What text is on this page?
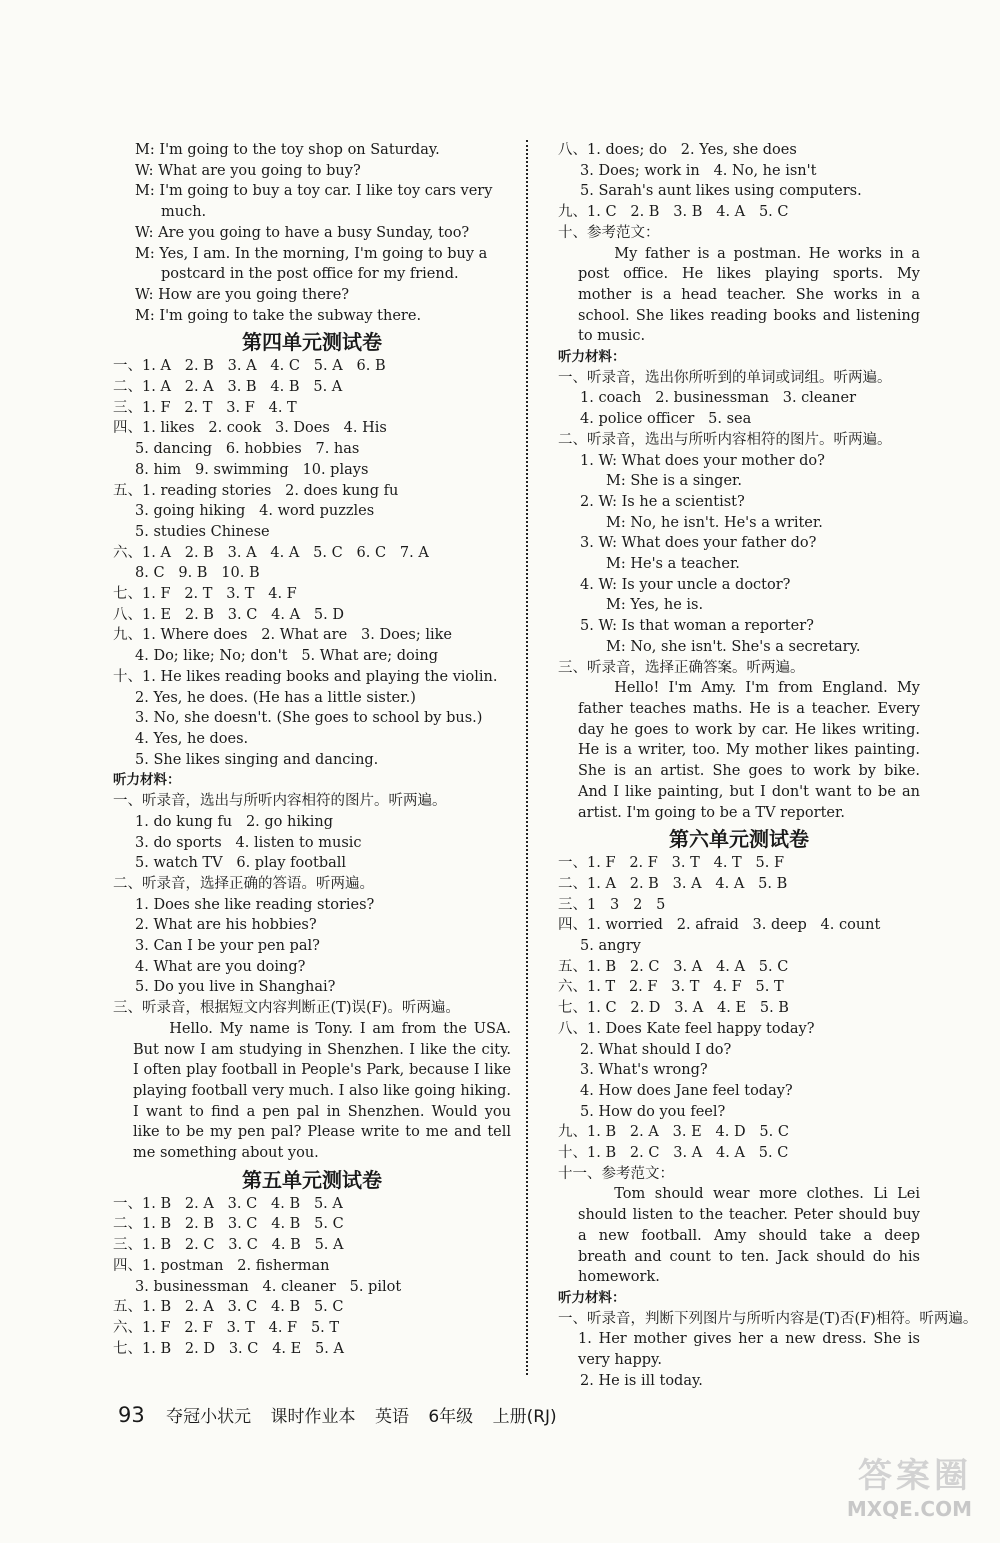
M: I'm going to the toy shop on Saturday.
W: What are you going to buy?
M: I'm going to buy a toy car. I like toy cars very
much.
W: Are you going to have a busy Sunday, too?
M: Yes, I am. In the morning, I'm going to buy a
postcard in the post office for my friend.
W: How are you going there?
M: I'm going to take the subway there.
第四单元测试卷
一、1. A   2. B   3. A   4. C   5. A   6. B
二、1. A   2. A   3. B   4. B   5. A
三、1. F   2. T   3. F   4. T
四、1. likes   2. cook   3. Does   4. His
5. dancing   6. hobbies   7. has
8. him   9. swimming   10. plays
五、1. reading stories   2. does kung fu
3. going hiking   4. word puzzles
5. studies Chinese
六、1. A   2. B   3. A   4. A   5. C   6. C   7. A
8. C   9. B   10. B
七、1. F   2. T   3. T   4. F
八、1. E   2. B   3. C   4. A   5. D
九、1. Where does   2. What are   3. Does; like
4. Do; like; No; don't   5. What are; doing
十、1. He likes reading books and playing the violin.
2. Yes, he does. (He has a little sister.)
3. No, she doesn't. (She goes to school by bus.)
4. Yes, he does.
5. She likes singing and dancing.
听力材料：
一、听录音，选出与所听内容相符的图片。听两遍。
1. do kung fu   2. go hiking
3. do sports   4. listen to music
5. watch TV   6. play football
二、听录音，选择正确的答语。听两遍。
1. Does she like reading stories?
2. What are his hobbies?
3. Can I be your pen pal?
4. What are you doing?
5. Do you live in Shanghai?
三、听录音，根据短文内容判断正(T)误(F)。听两遍。
Hello. My name is Tony. I am from the USA. But now I am studying in Shenzhen. I like the city. I often play football in People's Park, because I like playing football very much. I also like going hiking. I want to find a pen pal in Shenzhen. Would you like to be my pen pal? Please write to me and tell me something about you.
第五单元测试卷
一、1. B   2. A   3. C   4. B   5. A
二、1. B   2. B   3. C   4. B   5. C
三、1. B   2. C   3. C   4. B   5. A
四、1. postman   2. fisherman
3. businessman   4. cleaner   5. pilot
五、1. B   2. A   3. C   4. B   5. C
六、1. F   2. F   3. T   4. F   5. T
七、1. B   2. D   3. C   4. E   5. A
八、1. does; do   2. Yes, she does
3. Does; work in   4. No, he isn't
5. Sarah's aunt likes using computers.
九、1. C   2. B   3. B   4. A   5. C
十、参考范文：
My father is a postman. He works in a post office. He likes playing sports. My mother is a head teacher. She works in a school. She likes reading books and listening to music.
听力材料：
一、听录音，选出你所听到的单词或词组。听两遍。
1. coach   2. businessman   3. cleaner
4. police officer   5. sea
二、听录音，选出与所听内容相符的图片。听两遍。
1. W: What does your mother do?
M: She is a singer.
2. W: Is he a scientist?
M: No, he isn't. He's a writer.
3. W: What does your father do?
M: He's a teacher.
4. W: Is your uncle a doctor?
M: Yes, he is.
5. W: Is that woman a reporter?
M: No, she isn't. She's a secretary.
三、听录音，选择正确答案。听两遍。
Hello! I'm Amy. I'm from England. My father teaches maths. He is a teacher. Every day he goes to work by car. He likes writing. He is a writer, too. My mother likes painting. She is an artist. She goes to work by bike. And I like painting, but I don't want to be an artist. I'm going to be a TV reporter.
第六单元测试卷
一、1. F   2. F   3. T   4. T   5. F
二、1. A   2. B   3. A   4. A   5. B
三、1   3   2   5
四、1. worried   2. afraid   3. deep   4. count
5. angry
五、1. B   2. C   3. A   4. A   5. C
六、1. T   2. F   3. T   4. F   5. T
七、1. C   2. D   3. A   4. E   5. B
八、1. Does Kate feel happy today?
2. What should I do?
3. What's wrong?
4. How does Jane feel today?
5. How do you feel?
九、1. B   2. A   3. E   4. D   5. C
十、1. B   2. C   3. A   4. A   5. C
十一、参考范文：
Tom should wear more clothes. Li Lei should listen to the teacher. Peter should buy a new football. Amy should take a deep breath and count to ten. Jack should do his homework.
听力材料：
一、听录音，判断下列图片与所听内容是(T)否(F)相符。听两遍。
1. Her mother gives her a new dress. She is very happy.
2. He is ill today.
93 夺冠小状元 课时作业本 英语 6年级 上册(RJ)
答案圈
MXQE.COM
